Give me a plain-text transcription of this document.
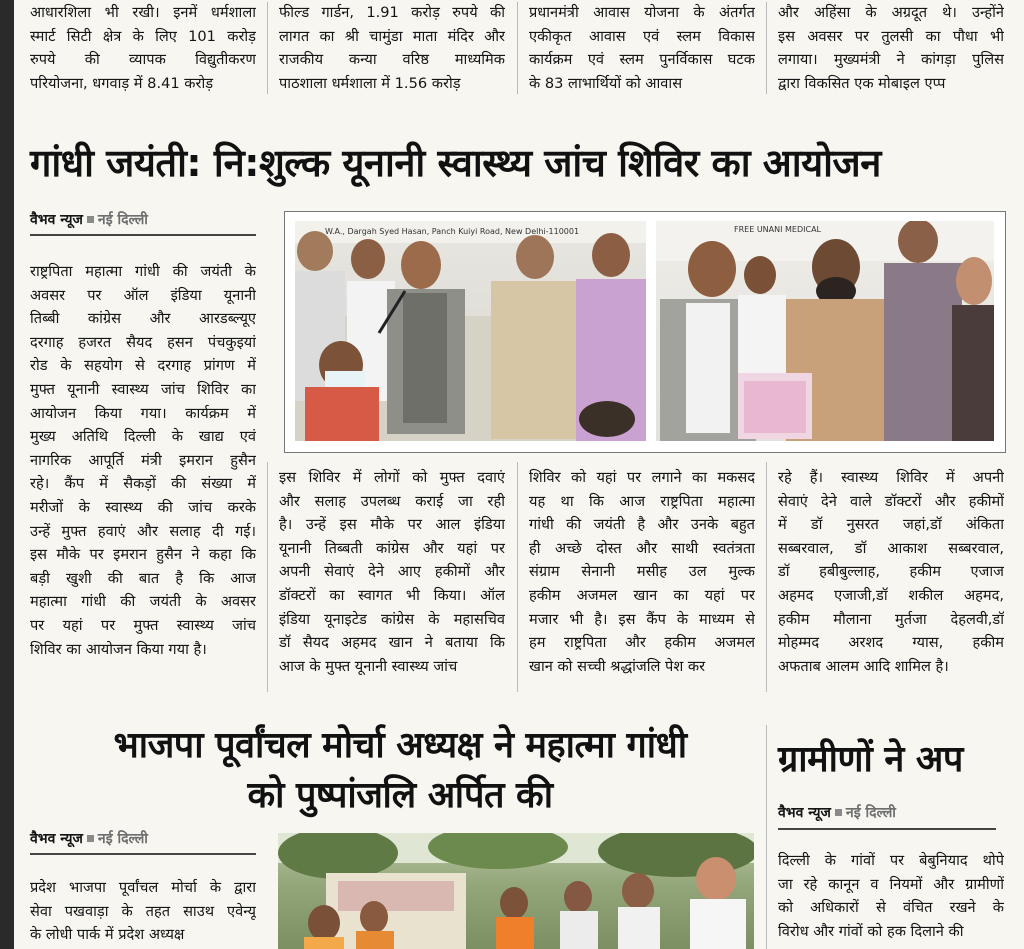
आधारशिला भी रखी। इनमें धर्मशाला
स्मार्ट सिटी क्षेत्र के लिए 101 करोड़
रुपये की व्यापक विद्युतीकरण
परियोजना, धगवाड़ में 8.41 करोड़
फील्ड गार्डन, 1.91 करोड़ रुपये की
लागत का श्री चामुंडा माता मंदिर और
राजकीय कन्या वरिष्ठ माध्यमिक
पाठशाला धर्मशाला में 1.56 करोड़
प्रधानमंत्री आवास योजना के अंतर्गत
एकीकृत आवास एवं स्लम विकास
कार्यक्रम एवं स्लम पुनर्विकास घटक
के 83 लाभार्थियों को आवास
और अहिंसा के अग्रदूत थे। उन्होंने
इस अवसर पर तुलसी का पौधा भी
लगाया। मुख्यमंत्री ने कांगड़ा पुलिस
द्वारा विकसित एक मोबाइल एप्प
गांधी जयंती: नि:शुल्क यूनानी स्वास्थ्य जांच शिविर का आयोजन
वैभव न्यूज नई दिल्ली
W.A., Dargah Syed Hasan, Panch Kuiyi Road, New Delhi-110001	FREE UNANI MEDICAL
राष्ट्रपिता महात्मा गांधी की जयंती के
अवसर पर ऑल इंडिया यूनानी
तिब्बी कांग्रेस और आरडब्ल्यूए
दरगाह हजरत सैयद हसन पंचकुइयां
रोड के सहयोग से दरगाह प्रांगण में
मुफ्त यूनानी स्वास्थ्य जांच शिविर का
आयोजन किया गया। कार्यक्रम में
मुख्य अतिथि दिल्ली के खाद्य एवं
नागरिक आपूर्ति मंत्री इमरान हुसैन
रहे। कैंप में सैकड़ों की संख्या में
मरीजों के स्वास्थ्य की जांच करके
उन्हें मुफ्त हवाएं और सलाह दी गई।
इस मौके पर इमरान हुसैन ने कहा कि
बड़ी खुशी की बात है कि आज
महात्मा गांधी की जयंती के अवसर
पर यहां पर मुफ्त स्वास्थ्य जांच
शिविर का आयोजन किया गया है।
इस शिविर में लोगों को मुफ्त दवाएं
और सलाह उपलब्ध कराई जा रही
है। उन्हें इस मौके पर आल इंडिया
यूनानी तिब्बती कांग्रेस और यहां पर
अपनी सेवाएं देने आए हकीमों और
डॉक्टरों का स्वागत भी किया। ऑल
इंडिया यूनाइटेड कांग्रेस के महासचिव
डॉ सैयद अहमद खान ने बताया कि
आज के मुफ्त यूनानी स्वास्थ्य जांच
शिविर को यहां पर लगाने का मकसद
यह था कि आज राष्ट्रपिता महात्मा
गांधी की जयंती है और उनके बहुत
ही अच्छे दोस्त और साथी स्वतंत्रता
संग्राम सेनानी मसीह उल मुल्क
हकीम अजमल खान का यहां पर
मजार भी है। इस कैंप के माध्यम से
हम राष्ट्रपिता और हकीम अजमल
खान को सच्ची श्रद्धांजलि पेश कर
रहे हैं। स्वास्थ्य शिविर में अपनी
सेवाएं देने वाले डॉक्टरों और हकीमों
में डॉ नुसरत जहां,डॉ अंकिता
सब्बरवाल, डॉ आकाश सब्बरवाल,
डॉ हबीबुल्लाह, हकीम एजाज
अहमद एजाजी,डॉ शकील अहमद,
हकीम मौलाना मुर्तजा देहलवी,डॉ
मोहम्मद अरशद ग्यास, हकीम
अफताब आलम आदि शामिल है।
भाजपा पूर्वांचल मोर्चा अध्यक्ष ने महात्मा गांधी
को पुष्पांजलि अर्पित की
वैभव न्यूज नई दिल्ली
प्रदेश भाजपा पूर्वांचल मोर्चा के द्वारा
सेवा पखवाड़ा के तहत साउथ एवेन्यू
के लोधी पार्क में प्रदेश अध्यक्ष
ग्रामीणों ने अप
वैभव न्यूज नई दिल्ली
दिल्ली के गांवों पर बेबुनियाद थोपे
जा रहे कानून व नियमों और ग्रामीणों
को अधिकारों से वंचित रखने के
विरोध और गांवों को हक दिलाने की
